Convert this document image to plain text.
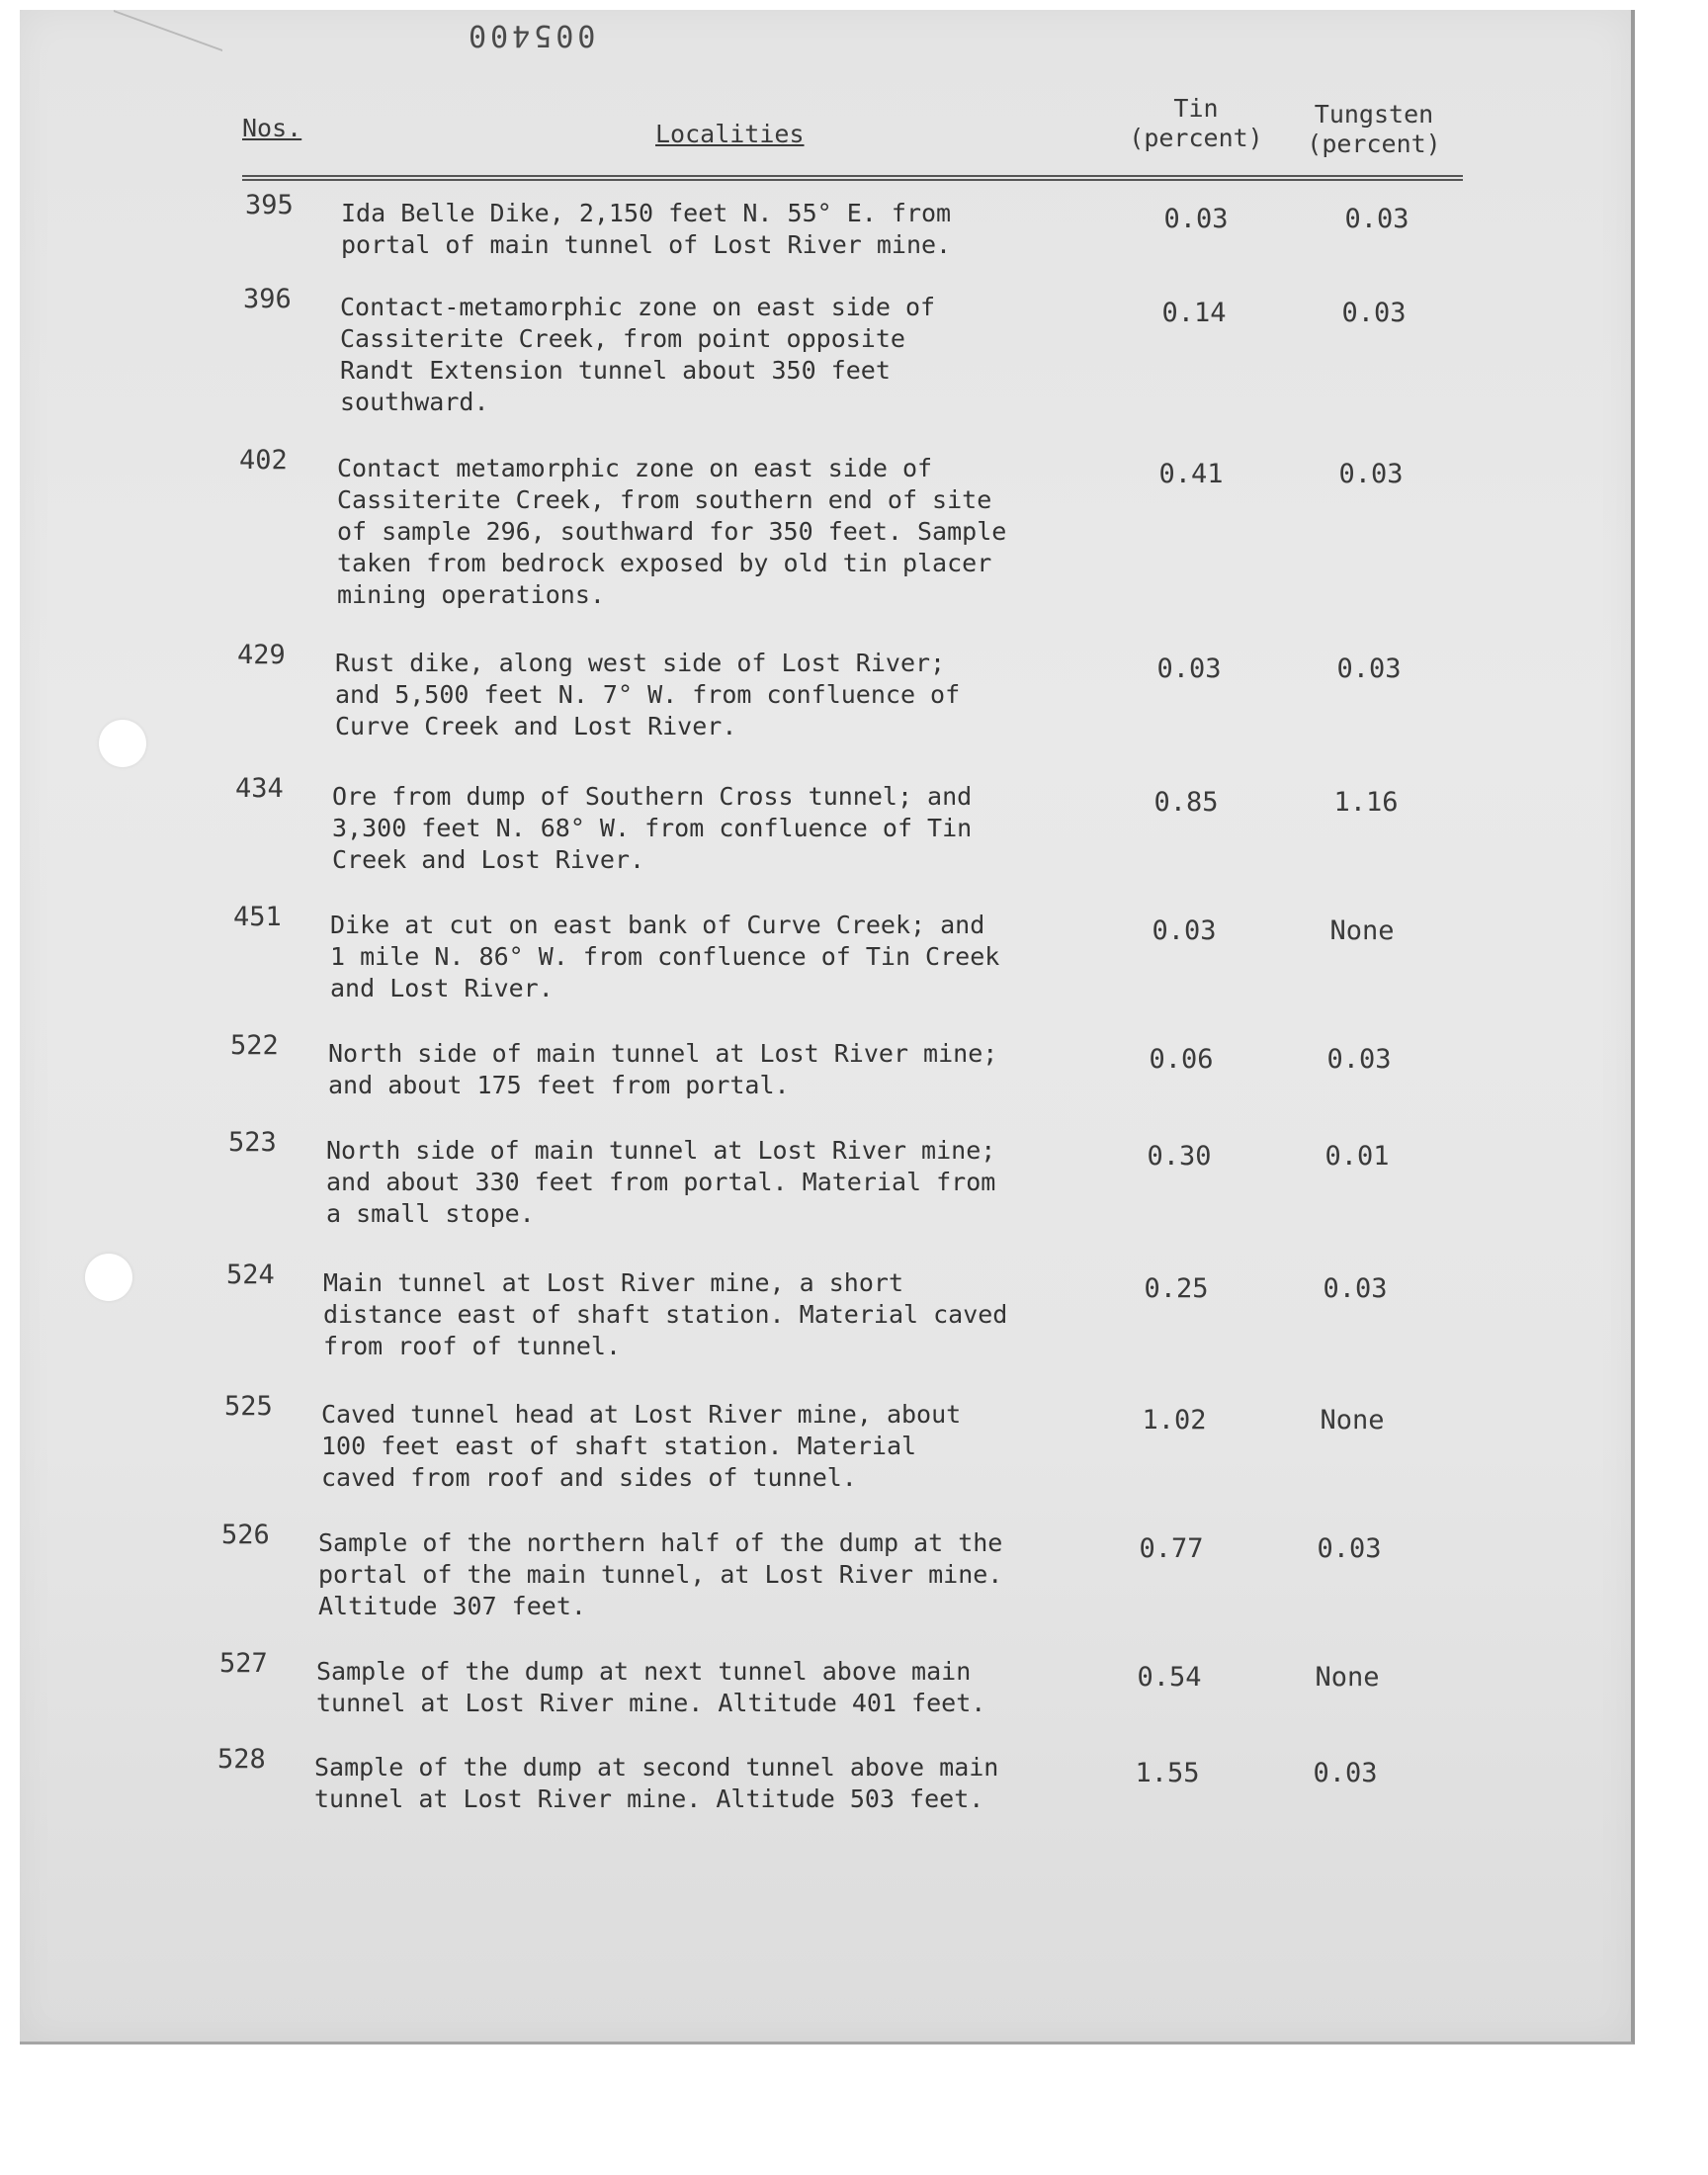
005400
Nos.	Localities
Tin
(percent)
Tungsten
(percent)
395	Ida Belle Dike, 2,150 feet N. 55° E. from
portal of main tunnel of Lost River mine.
0.03	0.03
396	Contact-metamorphic zone on east side of
Cassiterite Creek, from point opposite
Randt Extension tunnel about 350 feet
southward.
0.14	0.03
402	Contact metamorphic zone on east side of
Cassiterite Creek, from southern end of site
of sample 296, southward for 350 feet. Sample
taken from bedrock exposed by old tin placer
mining operations.
0.41	0.03
429	Rust dike, along west side of Lost River;
and 5,500 feet N. 7° W. from confluence of
Curve Creek and Lost River.
0.03	0.03
434	Ore from dump of Southern Cross tunnel; and
3,300 feet N. 68° W. from confluence of Tin
Creek and Lost River.
0.85	1.16
451	Dike at cut on east bank of Curve Creek; and
1 mile N. 86° W. from confluence of Tin Creek
and Lost River.
0.03	None
522	North side of main tunnel at Lost River mine;
and about 175 feet from portal.
0.06	0.03
523	North side of main tunnel at Lost River mine;
and about 330 feet from portal. Material from
a small stope.
0.30	0.01
524	Main tunnel at Lost River mine, a short
distance east of shaft station. Material caved
from roof of tunnel.
0.25	0.03
525	Caved tunnel head at Lost River mine, about
100 feet east of shaft station. Material
caved from roof and sides of tunnel.
1.02	None
526	Sample of the northern half of the dump at the
portal of the main tunnel, at Lost River mine.
Altitude 307 feet.
0.77	0.03
527	Sample of the dump at next tunnel above main
tunnel at Lost River mine. Altitude 401 feet.
0.54	None
528	Sample of the dump at second tunnel above main
tunnel at Lost River mine. Altitude 503 feet.
1.55	0.03
